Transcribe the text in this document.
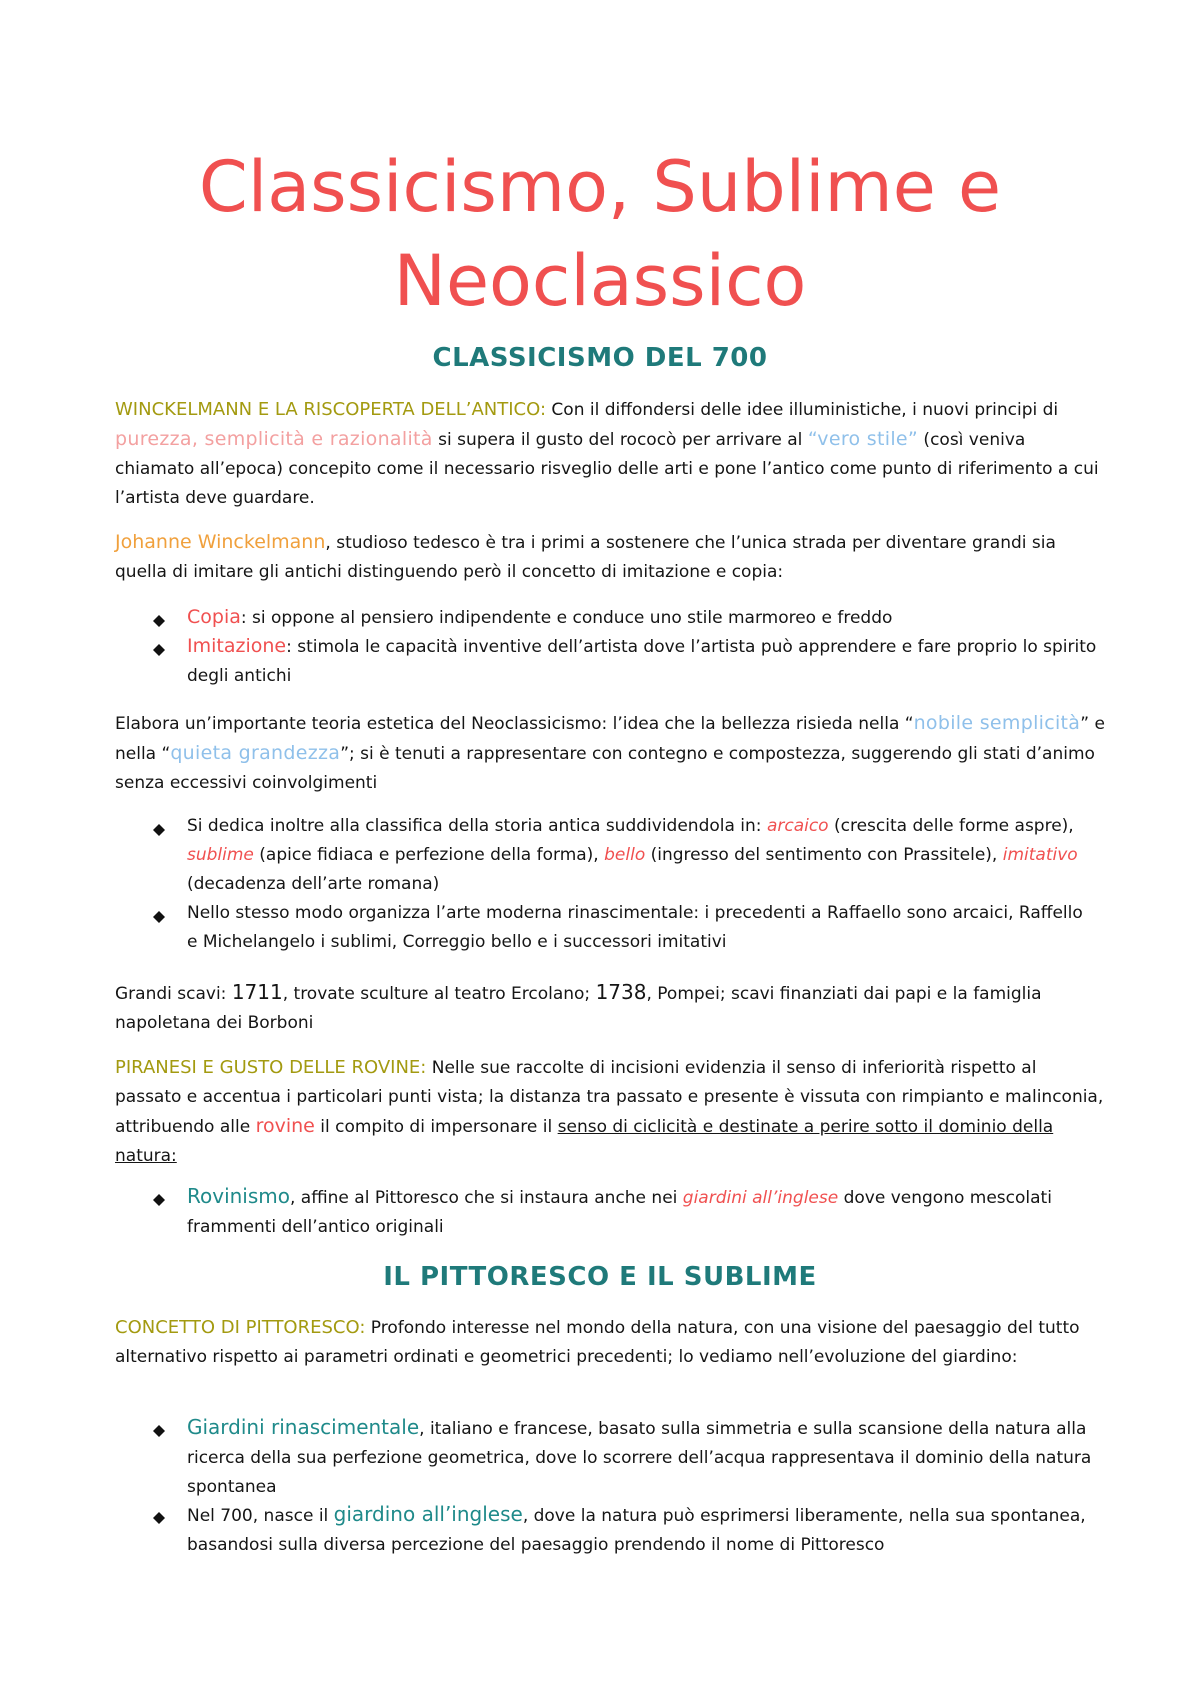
Classicismo, Sublime e
Neoclassico
CLASSICISMO DEL 700
WINCKELMANN E LA RISCOPERTA DELL’ANTICO: Con il diffondersi delle idee illuministiche, i nuovi principi di purezza, semplicità e razionalità si supera il gusto del rococò per arrivare al “vero stile” (così veniva chiamato all’epoca) concepito come il necessario risveglio delle arti e pone l’antico come punto di riferimento a cui l’artista deve guardare.
Johanne Winckelmann, studioso tedesco è tra i primi a sostenere che l’unica strada per diventare grandi sia quella di imitare gli antichi distinguendo però il concetto di imitazione e copia:
Copia: si oppone al pensiero indipendente e conduce uno stile marmoreo e freddo
Imitazione: stimola le capacità inventive dell’artista dove l’artista può apprendere e fare proprio lo spirito degli antichi
Elabora un’importante teoria estetica del Neoclassicismo: l’idea che la bellezza risieda nella “nobile semplicità” e nella “quieta grandezza”; si è tenuti a rappresentare con contegno e compostezza, suggerendo gli stati d’animo senza eccessivi coinvolgimenti
Si dedica inoltre alla classifica della storia antica suddividendola in: arcaico (crescita delle forme aspre), sublime (apice fidiaca e perfezione della forma), bello (ingresso del sentimento con Prassitele), imitativo (decadenza dell’arte romana)
Nello stesso modo organizza l’arte moderna rinascimentale: i precedenti a Raffaello sono arcaici, Raffello e Michelangelo i sublimi, Correggio bello e i successori imitativi
Grandi scavi: 1711, trovate sculture al teatro Ercolano; 1738, Pompei; scavi finanziati dai papi e la famiglia napoletana dei Borboni
PIRANESI E GUSTO DELLE ROVINE: Nelle sue raccolte di incisioni evidenzia il senso di inferiorità rispetto al passato e accentua i particolari punti vista; la distanza tra passato e presente è vissuta con rimpianto e malinconia, attribuendo alle rovine il compito di impersonare il senso di ciclicità e destinate a perire sotto il dominio della natura:
Rovinismo, affine al Pittoresco che si instaura anche nei giardini all’inglese dove vengono mescolati frammenti dell’antico originali
IL PITTORESCO E IL SUBLIME
CONCETTO DI PITTORESCO: Profondo interesse nel mondo della natura, con una visione del paesaggio del tutto alternativo rispetto ai parametri ordinati e geometrici precedenti; lo vediamo nell’evoluzione del giardino:
Giardini rinascimentale, italiano e francese, basato sulla simmetria e sulla scansione della natura alla ricerca della sua perfezione geometrica, dove lo scorrere dell’acqua rappresentava il dominio della natura spontanea
Nel 700, nasce il giardino all’inglese, dove la natura può esprimersi liberamente, nella sua spontanea, basandosi sulla diversa percezione del paesaggio prendendo il nome di Pittoresco
